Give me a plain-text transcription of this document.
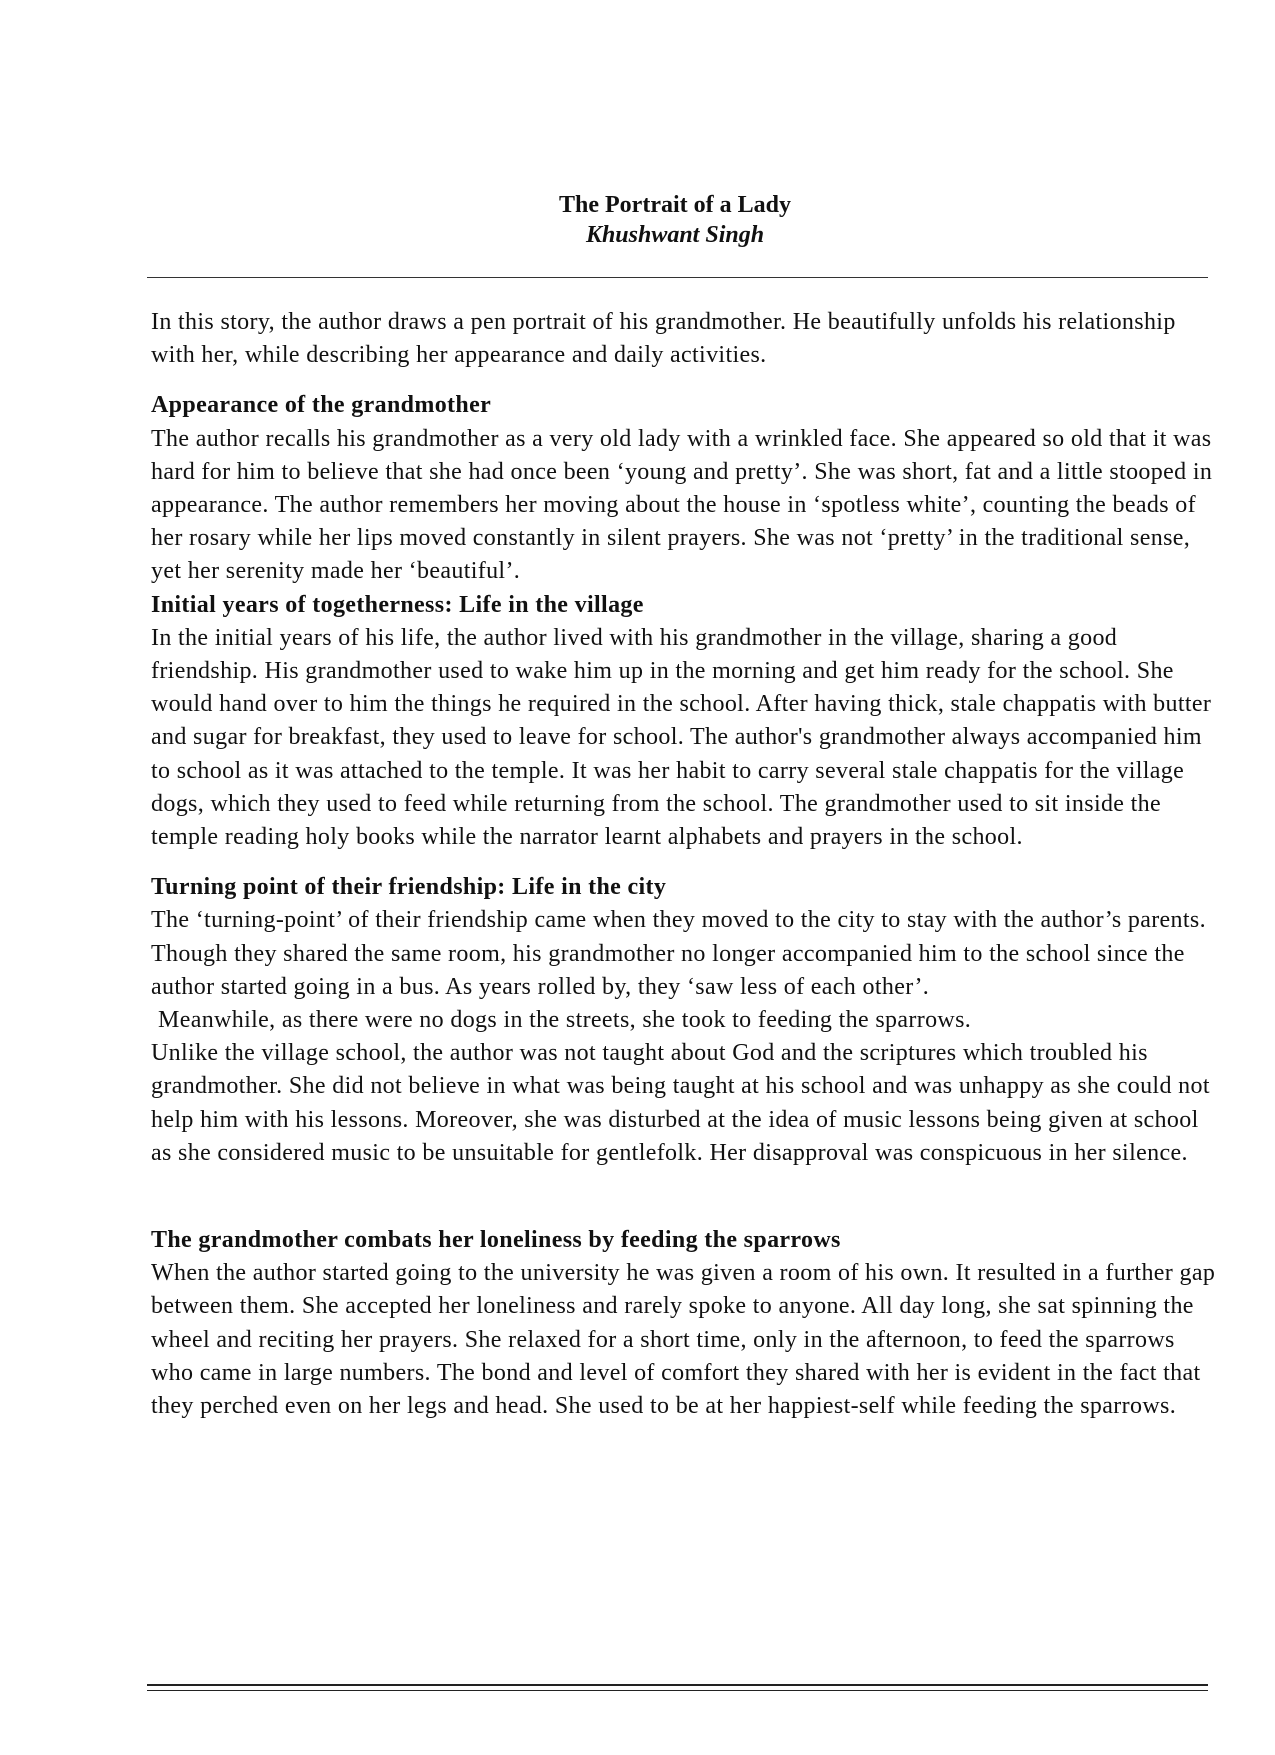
The Portrait of a Lady

Khushwant Singh

In this story, the author draws a pen portrait of his grandmother. He beautifully unfolds his relationship with her, while describing her appearance and daily activities.

Appearance of the grandmother

The author recalls his grandmother as a very old lady with a wrinkled face. She appeared so old that it was hard for him to believe that she had once been ‘young and pretty’. She was short, fat and a little stooped in appearance. The author remembers her moving about the house in ‘spotless white’, counting the beads of her rosary while her lips moved constantly in silent prayers. She was not ‘pretty’ in the traditional sense, yet her serenity made her ‘beautiful’.

Initial years of togetherness: Life in the village

In the initial years of his life, the author lived with his grandmother in the village, sharing a good friendship. His grandmother used to wake him up in the morning and get him ready for the school. She would hand over to him the things he required in the school. After having thick, stale chappatis with butter and sugar for breakfast, they used to leave for school. The author's grandmother always accompanied him to school as it was attached to the temple. It was her habit to carry several stale chappatis for the village dogs, which they used to feed while returning from the school. The grandmother used to sit inside the temple reading holy books while the narrator learnt alphabets and prayers in the school.

Turning point of their friendship: Life in the city

The ‘turning-point’ of their friendship came when they moved to the city to stay with the author’s parents. Though they shared the same room, his grandmother no longer accompanied him to the school since the author started going in a bus. As years rolled by, they ‘saw less of each other’.

Meanwhile, as there were no dogs in the streets, she took to feeding the sparrows.

Unlike the village school, the author was not taught about God and the scriptures which troubled his grandmother. She did not believe in what was being taught at his school and was unhappy as she could not help him with his lessons. Moreover, she was disturbed at the idea of music lessons being given at school as she considered music to be unsuitable for gentlefolk. Her disapproval was conspicuous in her silence.

The grandmother combats her loneliness by feeding the sparrows

When the author started going to the university he was given a room of his own. It resulted in a further gap between them. She accepted her loneliness and rarely spoke to anyone. All day long, she sat spinning the wheel and reciting her prayers. She relaxed for a short time, only in the afternoon, to feed the sparrows who came in large numbers. The bond and level of comfort they shared with her is evident in the fact that they perched even on her legs and head. She used to be at her happiest-self while feeding the sparrows.
